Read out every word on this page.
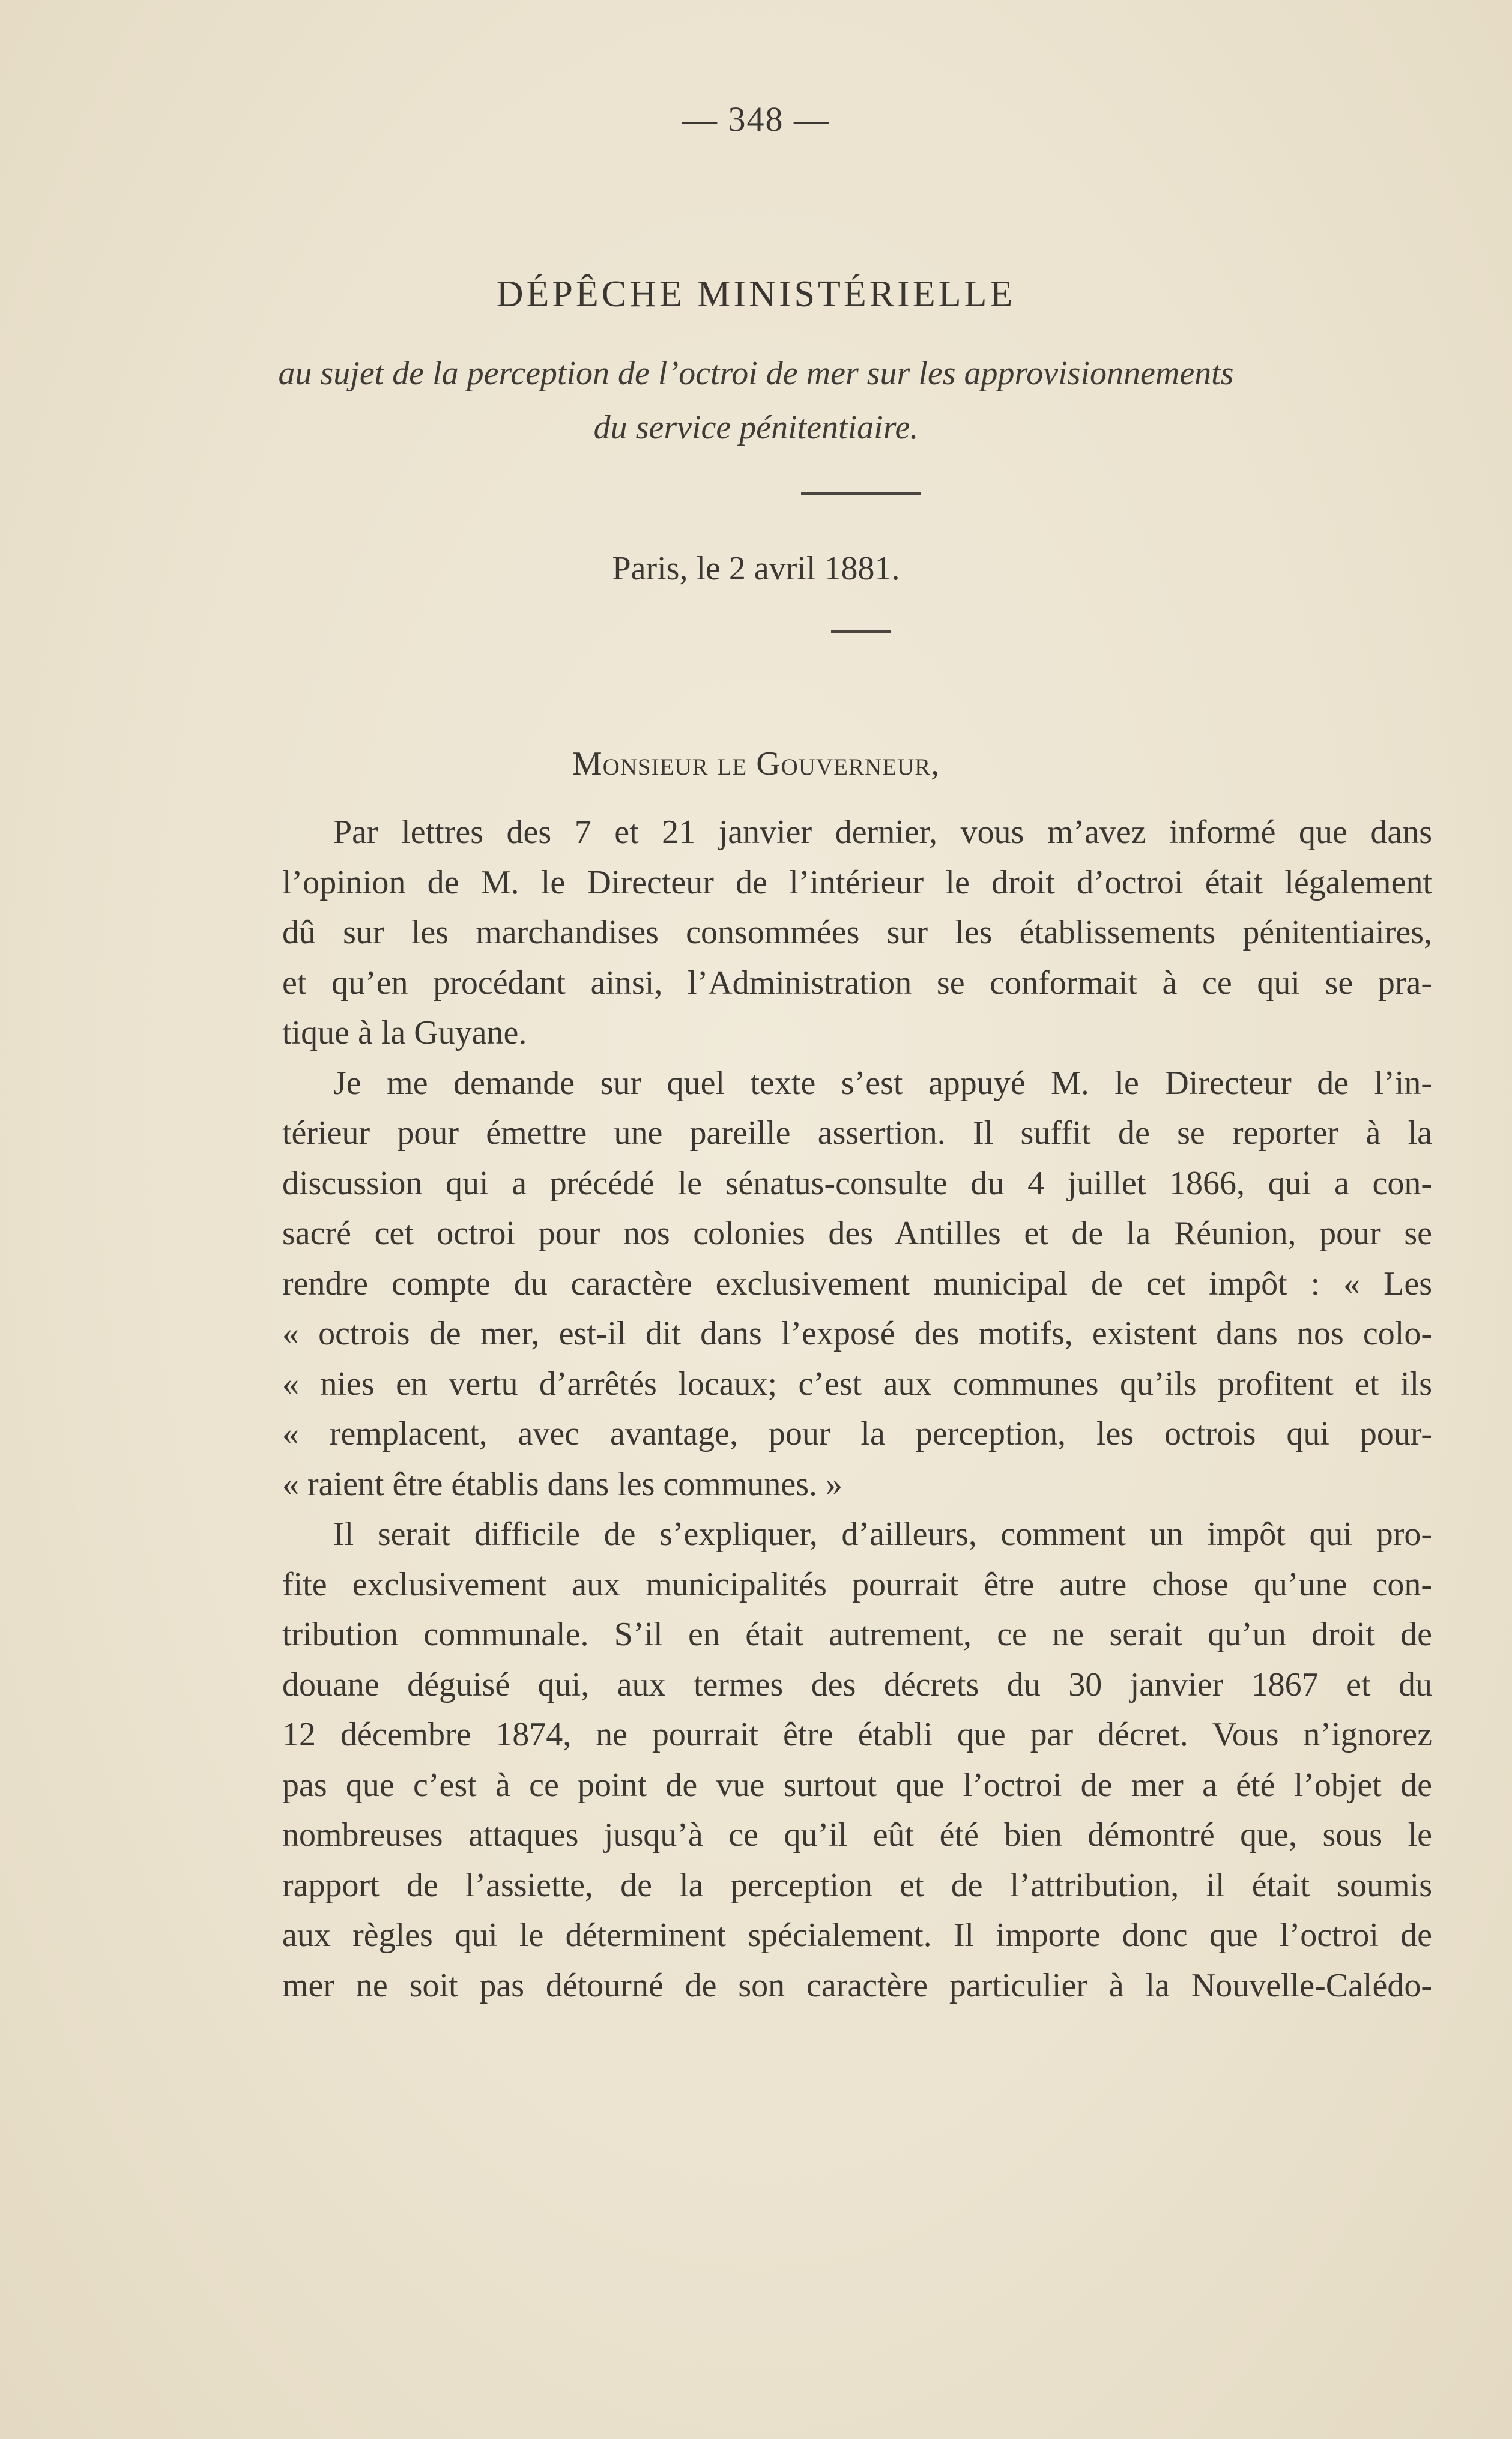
— 348 —
DÉPÊCHE MINISTÉRIELLE
au sujet de la perception de l’octroi de mer sur les approvisionnements
du service pénitentiaire.
Paris, le 2 avril 1881.
Monsieur le Gouverneur,
Par lettres des 7 et 21 janvier dernier, vous m’avez informé que dans
l’opinion de M. le Directeur de l’intérieur le droit d’octroi était légalement
dû sur les marchandises consommées sur les établissements pénitentiaires,
et qu’en procédant ainsi, l’Administration se conformait à ce qui se pra-
tique à la Guyane.
Je me demande sur quel texte s’est appuyé M. le Directeur de l’in-
térieur pour émettre une pareille assertion. Il suffit de se reporter à la
discussion qui a précédé le sénatus-consulte du 4 juillet 1866, qui a con-
sacré cet octroi pour nos colonies des Antilles et de la Réunion, pour se
rendre compte du caractère exclusivement municipal de cet impôt : « Les
« octrois de mer, est-il dit dans l’exposé des motifs, existent dans nos colo-
« nies en vertu d’arrêtés locaux; c’est aux communes qu’ils profitent et ils
« remplacent, avec avantage, pour la perception, les octrois qui pour-
« raient être établis dans les communes. »
Il serait difficile de s’expliquer, d’ailleurs, comment un impôt qui pro-
fite exclusivement aux municipalités pourrait être autre chose qu’une con-
tribution communale. S’il en était autrement, ce ne serait qu’un droit de
douane déguisé qui, aux termes des décrets du 30 janvier 1867 et du
12 décembre 1874, ne pourrait être établi que par décret. Vous n’ignorez
pas que c’est à ce point de vue surtout que l’octroi de mer a été l’objet de
nombreuses attaques jusqu’à ce qu’il eût été bien démontré que, sous le
rapport de l’assiette, de la perception et de l’attribution, il était soumis
aux règles qui le déterminent spécialement. Il importe donc que l’octroi de
mer ne soit pas détourné de son caractère particulier à la Nouvelle-Calédo-
